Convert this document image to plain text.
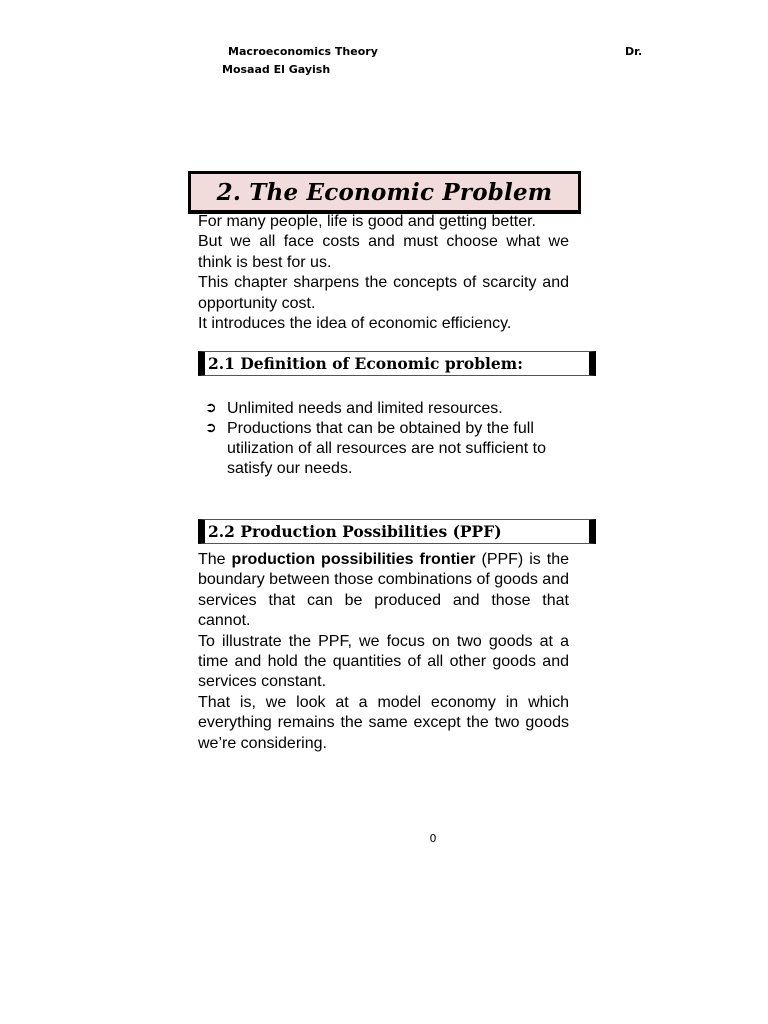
Macroeconomics Theory	Dr.
Mosaad El Gayish
2. The Economic Problem

For many people, life is good and getting better.

But we all face costs and must choose what we think is best for us.

This chapter sharpens the concepts of scarcity and opportunity cost.

It introduces the idea of economic efficiency.

2.1 Definition of Economic problem:
➲ Unlimited needs and limited resources.
➲ Productions that can be obtained by the full utilization of all resources are not sufficient to satisfy our needs.
2.2 Production Possibilities (PPF)

The production possibilities frontier (PPF) is the boundary between those combinations of goods and services that can be produced and those that cannot.

To illustrate the PPF, we focus on two goods at a time and hold the quantities of all other goods and services constant.

That is, we look at a model economy in which everything remains the same except the two goods we’re considering.

0
